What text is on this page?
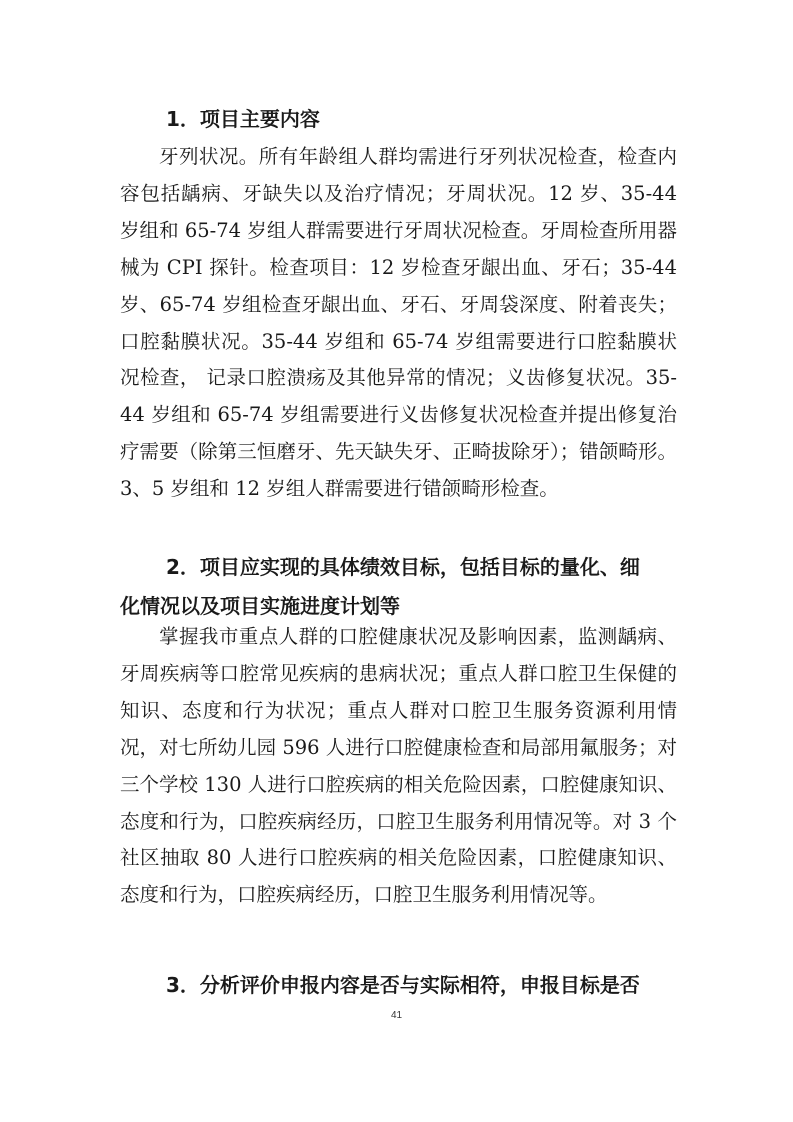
1．项目主要内容

牙列状况。所有年龄组人群均需进行牙列状况检查，检查内容包括龋病、牙缺失以及治疗情况；牙周状况。12 岁、35-44 岁组和 65-74 岁组人群需要进行牙周状况检查。牙周检查所用器械为 CPI 探针。检查项目：12 岁检查牙龈出血、牙石；35-44 岁、65-74 岁组检查牙龈出血、牙石、牙周袋深度、附着丧失；口腔黏膜状况。35-44 岁组和 65-74 岁组需要进行口腔黏膜状况检查， 记录口腔溃疡及其他异常的情况；义齿修复状况。35-44 岁组和 65-74 岁组需要进行义齿修复状况检查并提出修复治疗需要（除第三恒磨牙、先天缺失牙、正畸拔除牙）；错颌畸形。3、5 岁组和 12 岁组人群需要进行错颌畸形检查。

2．项目应实现的具体绩效目标，包括目标的量化、细
化情况以及项目实施进度计划等

掌握我市重点人群的口腔健康状况及影响因素，监测龋病、牙周疾病等口腔常见疾病的患病状况；重点人群口腔卫生保健的知识、态度和行为状况；重点人群对口腔卫生服务资源利用情况，对七所幼儿园 596 人进行口腔健康检查和局部用氟服务；对三个学校 130 人进行口腔疾病的相关危险因素，口腔健康知识、态度和行为，口腔疾病经历，口腔卫生服务利用情况等。对 3 个社区抽取 80 人进行口腔疾病的相关危险因素，口腔健康知识、态度和行为，口腔疾病经历，口腔卫生服务利用情况等。

3．分析评价申报内容是否与实际相符，申报目标是否
41
